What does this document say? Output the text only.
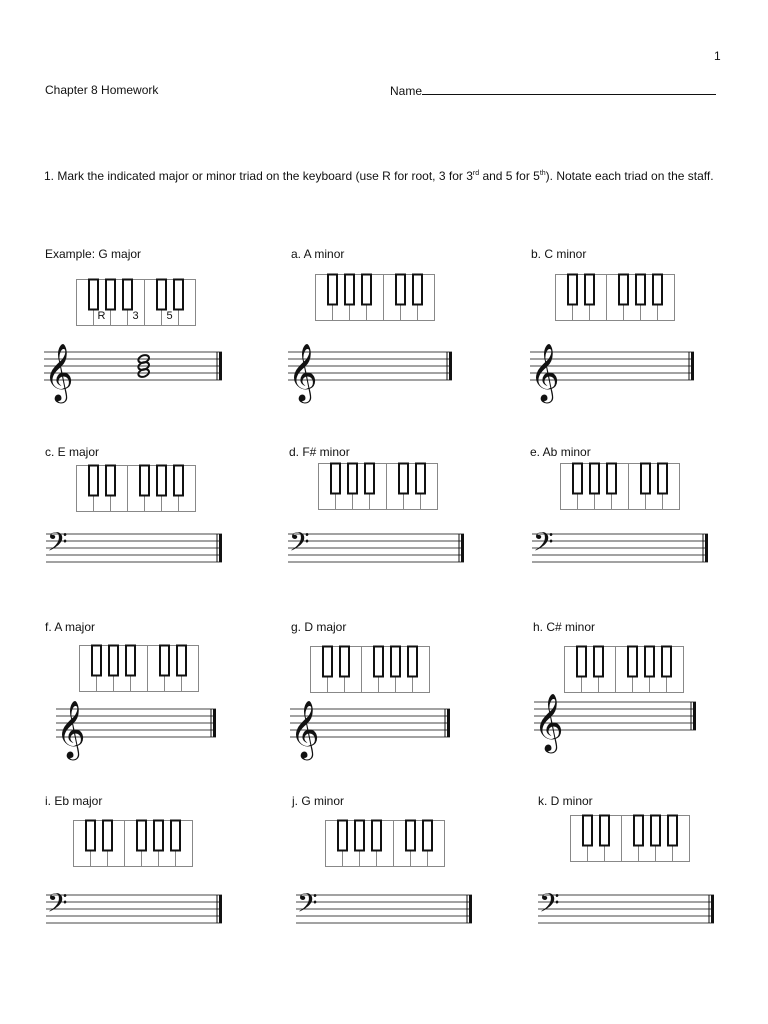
1
Chapter 8 Homework	Name
1. Mark the indicated major or minor triad on the keyboard (use R for root, 3 for 3rd and 5 for 5th). Notate each triad on the staff.
Example: G major	a. A minor	b. C minor
c. E major	d. F# minor	e. Ab minor
f. A major	g. D major	h. C# minor
i. Eb major	j. G minor	k. D minor
R 3	5
𝄞	𝄞	𝄞
𝄢	𝄢	𝄢
𝄞	𝄞	𝄞
𝄢	𝄢	𝄢
